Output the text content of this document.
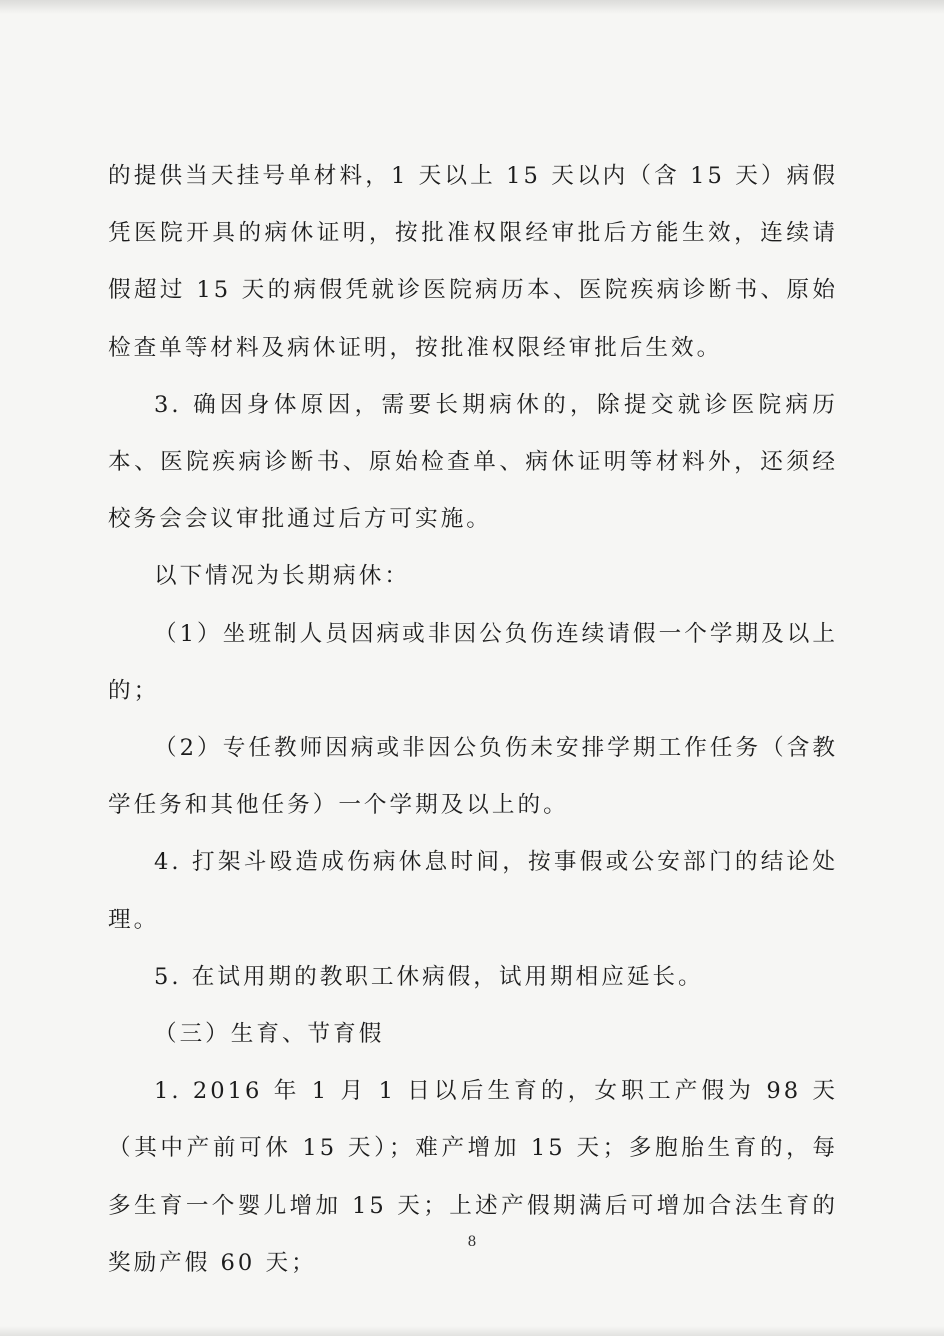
的提供当天挂号单材料，1 天以上 15 天以内（含 15 天）病假凭医院开具的病休证明，按批准权限经审批后方能生效，连续请假超过 15 天的病假凭就诊医院病历本、医院疾病诊断书、原始检查单等材料及病休证明，按批准权限经审批后生效。

3. 确因身体原因，需要长期病休的，除提交就诊医院病历本、医院疾病诊断书、原始检查单、病休证明等材料外，还须经校务会会议审批通过后方可实施。

以下情况为长期病休：

（1）坐班制人员因病或非因公负伤连续请假一个学期及以上的；

（2）专任教师因病或非因公负伤未安排学期工作任务（含教学任务和其他任务）一个学期及以上的。

4. 打架斗殴造成伤病休息时间，按事假或公安部门的结论处理。

5. 在试用期的教职工休病假，试用期相应延长。

（三）生育、节育假

1. 2016 年 1 月 1 日以后生育的，女职工产假为 98 天（其中产前可休 15 天）；难产增加 15 天；多胞胎生育的，每多生育一个婴儿增加 15 天；上述产假期满后可增加合法生育的奖励产假 60 天；

8
